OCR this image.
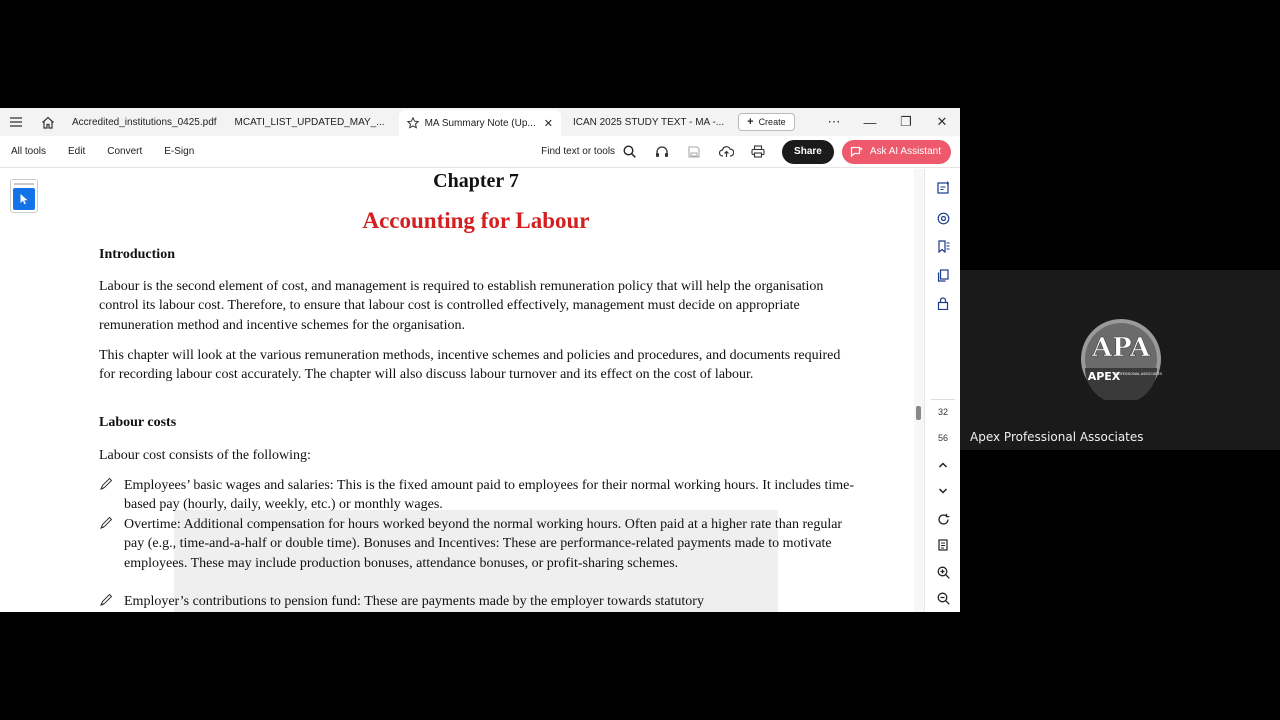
Accredited_institutions_0425.pdf MCATI_LIST_UPDATED_MAY_...	MA Summary Note (Up... ✕ ICAN 2025 STUDY TEXT - MA -... + Create	⋯	—	❐	✕
All tools	Edit	Convert	E-Sign	Find text or tools	Share	Ask AI Assistant
Chapter 7
Accounting for Labour
Introduction
Labour is the second element of cost, and management is required to establish remuneration policy that will help the organisation control its labour cost. Therefore, to ensure that labour cost is controlled effectively, management must decide on appropriate remuneration method and incentive schemes for the organisation.
This chapter will look at the various remuneration methods, incentive schemes and policies and procedures, and documents required for recording labour cost accurately. The chapter will also discuss labour turnover and its effect on the cost of labour.
Labour costs
Labour cost consists of the following:
Employees’ basic wages and salaries: This is the fixed amount paid to employees for their normal working hours. It includes time-based pay (hourly, daily, weekly, etc.) or monthly wages.
Overtime: Additional compensation for hours worked beyond the normal working hours. Often paid at a higher rate than regular pay (e.g., time-and-a-half or double time). Bonuses and Incentives: These are performance-related payments made to motivate employees. These may include production bonuses, attendance bonuses, or profit-sharing schemes.
Employer’s contributions to pension fund: These are payments made by the employer towards statutory
32
56
APA
APEX
PROFESSIONAL ASSOCIATES
Apex Professional Associates
